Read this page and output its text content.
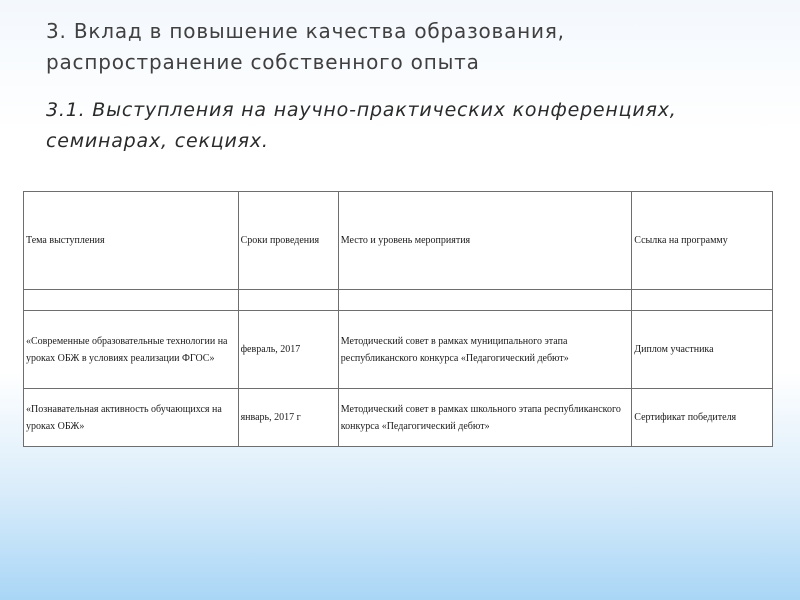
3. Вклад в повышение качества образования, распространение собственного опыта
3.1. Выступления на научно-практических конференциях, семинарах, секциях.
Тема выступления	Сроки проведения	Место и уровень мероприятия	Ссылка на программу

«Современные образовательные технологии на уроках ОБЖ в условиях реализации ФГОС»	февраль, 2017	Методический совет в рамках муниципального этапа республиканского конкурса «Педагогический дебют»	Диплом участника
«Познавательная активность обучающихся на уроках ОБЖ»	январь, 2017 г	Методический совет в рамках школьного этапа республиканского конкурса «Педагогический дебют»	Сертификат победителя
